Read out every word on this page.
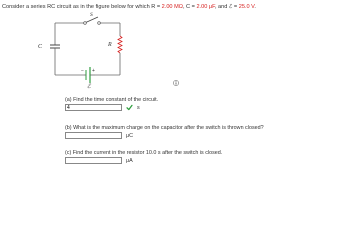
Consider a series RC circuit as in the figure below for which R = 2.00 MΩ, C = 2.00 μF, and ℰ = 25.0 V.
C
S
R
ℰ
− +
(a) Find the time constant of the circuit.
4
s
(b) What is the maximum charge on the capacitor after the switch is thrown closed?
μC
(c) Find the current in the resistor 10.0 s after the switch is closed.
μA
